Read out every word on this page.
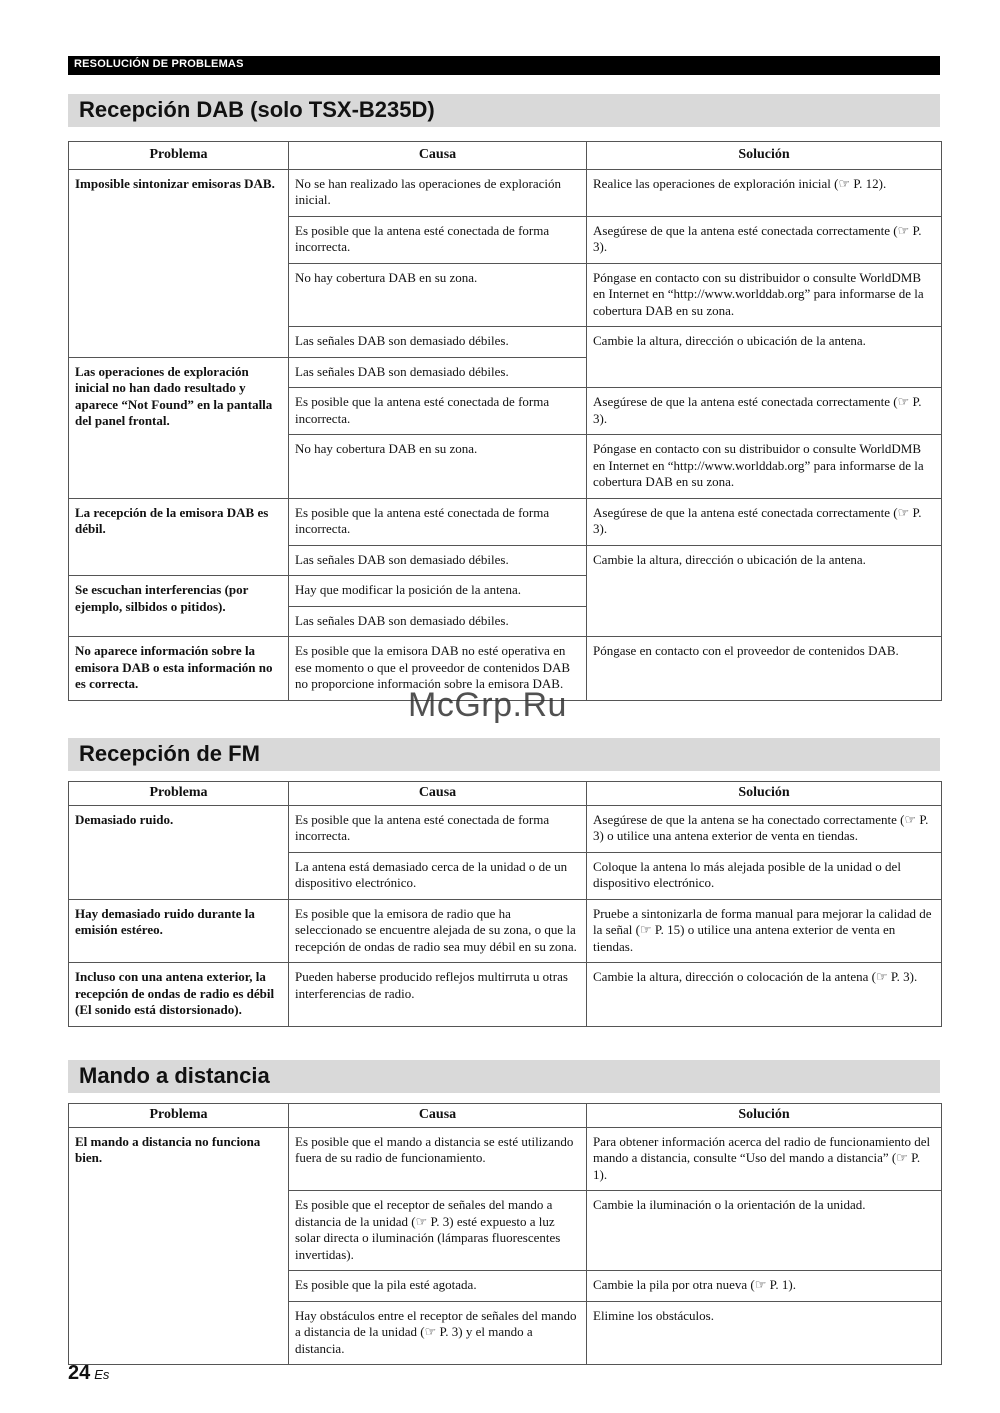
RESOLUCIÓN DE PROBLEMAS
Recepción DAB (solo TSX-B235D)
Problema	Causa	Solución
Imposible sintonizar emisoras DAB.	No se han realizado las operaciones de exploración inicial.	Realice las operaciones de exploración inicial (☞ P. 12).
	Es posible que la antena esté conectada de forma incorrecta.	Asegúrese de que la antena esté conectada correctamente (☞ P. 3).
	No hay cobertura DAB en su zona.	Póngase en contacto con su distribuidor o consulte WorldDMB en Internet en “http://www.worlddab.org” para informarse de la cobertura DAB en su zona.
	Las señales DAB son demasiado débiles.	Cambie la altura, dirección o ubicación de la antena.
Las operaciones de exploración inicial no han dado resultado y aparece “Not Found” en la pantalla del panel frontal.	Las señales DAB son demasiado débiles.	
	Es posible que la antena esté conectada de forma incorrecta.	Asegúrese de que la antena esté conectada correctamente (☞ P. 3).
	No hay cobertura DAB en su zona.	Póngase en contacto con su distribuidor o consulte WorldDMB en Internet en “http://www.worlddab.org” para informarse de la cobertura DAB en su zona.
La recepción de la emisora DAB es débil.	Es posible que la antena esté conectada de forma incorrecta.	Asegúrese de que la antena esté conectada correctamente (☞ P. 3).
	Las señales DAB son demasiado débiles.	Cambie la altura, dirección o ubicación de la antena.
Se escuchan interferencias (por ejemplo, silbidos o pitidos).	Hay que modificar la posición de la antena.	
	Las señales DAB son demasiado débiles.	
No aparece información sobre la emisora DAB o esta información no es correcta.	Es posible que la emisora DAB no esté operativa en ese momento o que el proveedor de contenidos DAB no proporcione información sobre la emisora DAB.	Póngase en contacto con el proveedor de contenidos DAB.
McGrp.Ru
Recepción de FM
Problema	Causa	Solución
Demasiado ruido.	Es posible que la antena esté conectada de forma incorrecta.	Asegúrese de que la antena se ha conectado correctamente (☞ P. 3) o utilice una antena exterior de venta en tiendas.
	La antena está demasiado cerca de la unidad o de un dispositivo electrónico.	Coloque la antena lo más alejada posible de la unidad o del dispositivo electrónico.
Hay demasiado ruido durante la emisión estéreo.	Es posible que la emisora de radio que ha seleccionado se encuentre alejada de su zona, o que la recepción de ondas de radio sea muy débil en su zona.	Pruebe a sintonizarla de forma manual para mejorar la calidad de la señal (☞ P. 15) o utilice una antena exterior de venta en tiendas.
Incluso con una antena exterior, la recepción de ondas de radio es débil (El sonido está distorsionado).	Pueden haberse producido reflejos multirruta u otras interferencias de radio.	Cambie la altura, dirección o colocación de la antena (☞ P. 3).
Mando a distancia
Problema	Causa	Solución
El mando a distancia no funciona bien.	Es posible que el mando a distancia se esté utilizando fuera de su radio de funcionamiento.	Para obtener información acerca del radio de funcionamiento del mando a distancia, consulte “Uso del mando a distancia” (☞ P. 1).
	Es posible que el receptor de señales del mando a distancia de la unidad (☞ P. 3) esté expuesto a luz solar directa o iluminación (lámparas fluorescentes invertidas).	Cambie la iluminación o la orientación de la unidad.
	Es posible que la pila esté agotada.	Cambie la pila por otra nueva (☞ P. 1).
	Hay obstáculos entre el receptor de señales del mando a distancia de la unidad (☞ P. 3) y el mando a distancia.	Elimine los obstáculos.
24 Es
